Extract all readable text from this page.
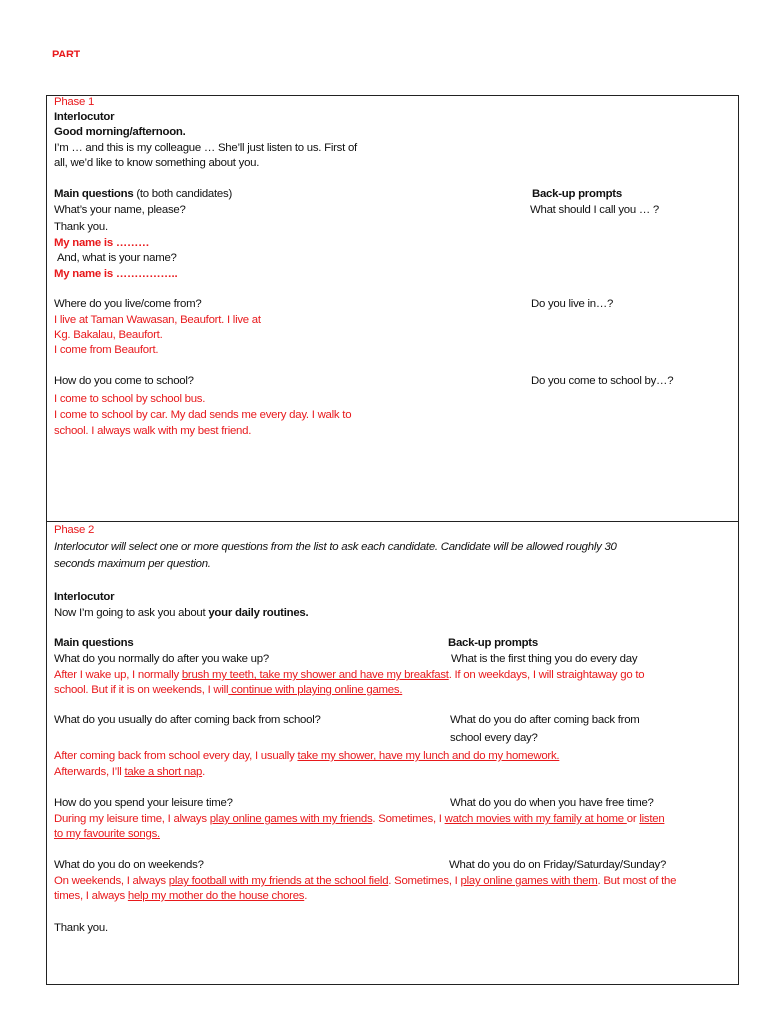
PART
Phase 1
Interlocutor
Good morning/afternoon.
I’m … and this is my colleague … She’ll just listen to us. First of
all, we’d like to know something about you.
Main questions (to both candidates)	Back-up prompts
What’s your name, please?	What should I call you … ?
Thank you.
My name is ………
And, what is your name?
My name is ……………..
Where do you live/come from?	Do you live in…?
I live at Taman Wawasan, Beaufort. I live at
Kg. Bakalau, Beaufort.
I come from Beaufort.
How do you come to school?	Do you come to school by…?
I come to school by school bus.
I come to school by car. My dad sends me every day. I walk to
school. I always walk with my best friend.
Phase 2
Interlocutor will select one or more questions from the list to ask each candidate. Candidate will be allowed roughly 30
seconds maximum per question.
Interlocutor
Now I’m going to ask you about your daily routines.
Main questions	Back-up prompts
What do you normally do after you wake up?	What is the first thing you do every day
After I wake up, I normally brush my teeth, take my shower and have my breakfast. If on weekdays, I will straightaway go to
school. But if it is on weekends, I will continue with playing online games.
What do you usually do after coming back from school?	What do you do after coming back from
school every day?
After coming back from school every day, I usually take my shower, have my lunch and do my homework.
Afterwards, I’ll take a short nap.
How do you spend your leisure time?	What do you do when you have free time?
During my leisure time, I always play online games with my friends. Sometimes, I watch movies with my family at home or listen
to my favourite songs.
What do you do on weekends?	What do you do on Friday/Saturday/Sunday?
On weekends, I always play football with my friends at the school field. Sometimes, I play online games with them. But most of the
times, I always help my mother do the house chores.
Thank you.
